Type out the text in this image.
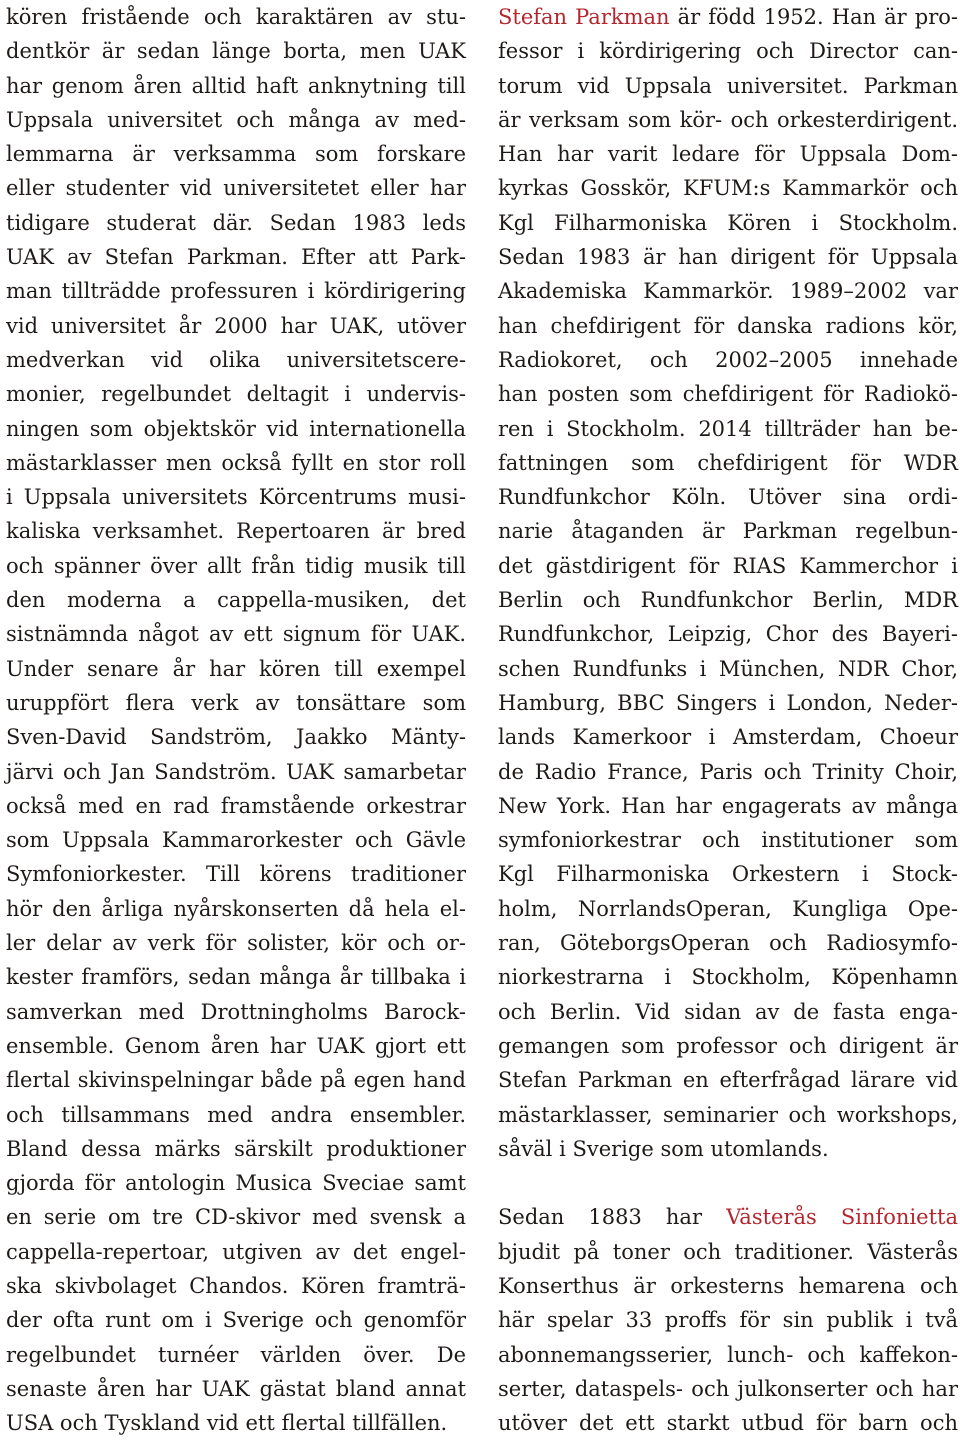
kören fristående och karaktären av stu-
dentkör är sedan länge borta, men UAK
har genom åren alltid haft anknytning till
Uppsala universitet och många av med-
lemmarna är verksamma som forskare
eller studenter vid universitetet eller har
tidigare studerat där. Sedan 1983 leds
UAK av Stefan Parkman. Efter att Park-
man tillträdde professuren i kördirigering
vid universitet år 2000 har UAK, utöver
medverkan vid olika universitetscere-
monier, regelbundet deltagit i undervis-
ningen som objektskör vid internationella
mästarklasser men också fyllt en stor roll
i Uppsala universitets Körcentrums musi-
kaliska verksamhet. Repertoaren är bred
och spänner över allt från tidig musik till
den moderna a cappella-musiken, det
sistnämnda något av ett signum för UAK.
Under senare år har kören till exempel
uruppfört flera verk av tonsättare som
Sven-David Sandström, Jaakko Mänty-
järvi och Jan Sandström. UAK samarbetar
också med en rad framstående orkestrar
som Uppsala Kammarorkester och Gävle
Symfoniorkester. Till körens traditioner
hör den årliga nyårskonserten då hela el-
ler delar av verk för solister, kör och or-
kester framförs, sedan många år tillbaka i
samverkan med Drottningholms Barock-
ensemble. Genom åren har UAK gjort ett
flertal skivinspelningar både på egen hand
och tillsammans med andra ensembler.
Bland dessa märks särskilt produktioner
gjorda för antologin Musica Sveciae samt
en serie om tre CD-skivor med svensk a
cappella-repertoar, utgiven av det engel-
ska skivbolaget Chandos. Kören framträ-
der ofta runt om i Sverige och genomför
regelbundet turnéer världen över. De
senaste åren har UAK gästat bland annat
USA och Tyskland vid ett flertal tillfällen.
Stefan Parkman är född 1952. Han är pro-
fessor i kördirigering och Director can-
torum vid Uppsala universitet. Parkman
är verksam som kör- och orkesterdirigent.
Han har varit ledare för Uppsala Dom-
kyrkas Gosskör, KFUM:s Kammarkör och
Kgl Filharmoniska Kören i Stockholm.
Sedan 1983 är han dirigent för Uppsala
Akademiska Kammarkör. 1989–2002 var
han chefdirigent för danska radions kör,
Radiokoret, och 2002–2005 innehade
han posten som chefdirigent för Radiokö-
ren i Stockholm. 2014 tillträder han be-
fattningen som chefdirigent för WDR
Rundfunkchor Köln. Utöver sina ordi-
narie åtaganden är Parkman regelbun-
det gästdirigent för RIAS Kammerchor i
Berlin och Rundfunkchor Berlin, MDR
Rundfunkchor, Leipzig, Chor des Bayeri-
schen Rundfunks i München, NDR Chor,
Hamburg, BBC Singers i London, Neder-
lands Kamerkoor i Amsterdam, Choeur
de Radio France, Paris och Trinity Choir,
New York. Han har engagerats av många
symfoniorkestrar och institutioner som
Kgl Filharmoniska Orkestern i Stock-
holm, NorrlandsOperan, Kungliga Ope-
ran, GöteborgsOperan och Radiosymfo-
niorkestrarna i Stockholm, Köpenhamn
och Berlin. Vid sidan av de fasta enga-
gemangen som professor och dirigent är
Stefan Parkman en efterfrågad lärare vid
mästarklasser, seminarier och workshops,
såväl i Sverige som utomlands.
Sedan 1883 har Västerås Sinfonietta
bjudit på toner och traditioner. Västerås
Konserthus är orkesterns hemarena och
här spelar 33 proffs för sin publik i två
abonnemangsserier, lunch- och kaffekon-
serter, dataspels- och julkonserter och har
utöver det ett starkt utbud för barn och
